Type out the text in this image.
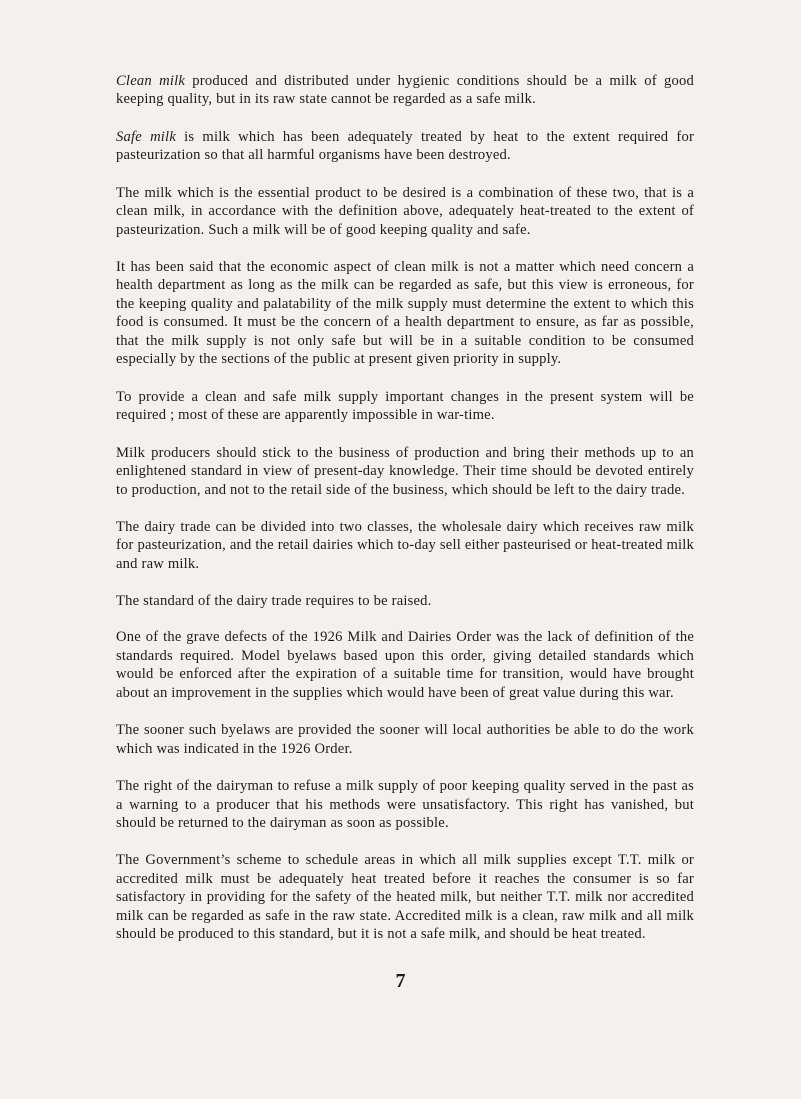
Clean milk produced and distributed under hygienic conditions should be a milk of good keeping quality, but in its raw state cannot be regarded as a safe milk.

Safe milk is milk which has been adequately treated by heat to the extent required for pasteurization so that all harmful organisms have been destroyed.

The milk which is the essential product to be desired is a combination of these two, that is a clean milk, in accordance with the definition above, adequately heat-treated to the extent of pasteurization. Such a milk will be of good keeping quality and safe.

It has been said that the economic aspect of clean milk is not a matter which need concern a health department as long as the milk can be regarded as safe, but this view is erroneous, for the keeping quality and palatability of the milk supply must determine the extent to which this food is consumed. It must be the concern of a health department to ensure, as far as possible, that the milk supply is not only safe but will be in a suitable condition to be consumed especially by the sections of the public at present given priority in supply.

To provide a clean and safe milk supply important changes in the present system will be required ; most of these are apparently impossible in war-time.

Milk producers should stick to the business of production and bring their methods up to an enlightened standard in view of present-day knowledge. Their time should be devoted entirely to production, and not to the retail side of the business, which should be left to the dairy trade.

The dairy trade can be divided into two classes, the wholesale dairy which receives raw milk for pasteurization, and the retail dairies which to-day sell either pasteurised or heat-treated milk and raw milk.

The standard of the dairy trade requires to be raised.

One of the grave defects of the 1926 Milk and Dairies Order was the lack of definition of the standards required. Model byelaws based upon this order, giving detailed standards which would be enforced after the expiration of a suitable time for transition, would have brought about an improvement in the supplies which would have been of great value during this war.

The sooner such byelaws are provided the sooner will local authorities be able to do the work which was indicated in the 1926 Order.

The right of the dairyman to refuse a milk supply of poor keeping quality served in the past as a warning to a producer that his methods were unsatisfactory. This right has vanished, but should be returned to the dairyman as soon as possible.

The Government’s scheme to schedule areas in which all milk supplies except T.T. milk or accredited milk must be adequately heat treated before it reaches the consumer is so far satisfactory in providing for the safety of the heated milk, but neither T.T. milk nor accredited milk can be regarded as safe in the raw state. Accredited milk is a clean, raw milk and all milk should be produced to this standard, but it is not a safe milk, and should be heat treated.

7
